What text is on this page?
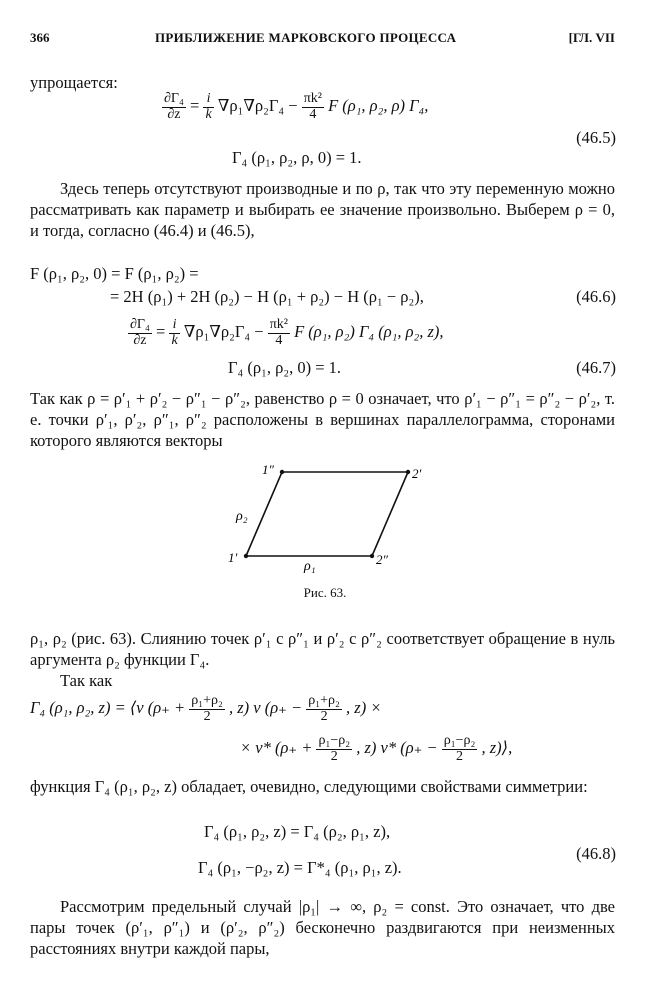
366	ПРИБЛИЖЕНИЕ МАРКОВСКОГО ПРОЦЕССА	[ГЛ. VII
упрощается:
$\frac{\text{∂Γ₄}}{\partial z} = \frac{i}{k} \nabla\rho_1\nabla\rho_2\Gamma_4 - \frac{\text{πk²}}{4}$ F (ρ₁, ρ₂, ρ) Γ₄,
(46.5)
Γ₄ (ρ₁, ρ₂, ρ, 0) = 1.
Здесь теперь отсутствуют производные и по ρ, так что эту переменную можно рассматривать как параметр и выбирать ее значение произвольно. Выберем ρ = 0, и тогда, согласно (46.4) и (46.5),
F (ρ₁, ρ₂, 0) = F (ρ₁, ρ₂) =
= 2H (ρ₁) + 2H (ρ₂) − H (ρ₁ + ρ₂) − H (ρ₁ − ρ₂),	(46.6)
$\frac{\text{∂Γ₄}}{\partial z} = \frac{i}{k} \nabla\rho_1\nabla\rho_2\Gamma_4 - \frac{\text{πk²}}{4}$ F (ρ₁, ρ₂) Γ₄ (ρ₁, ρ₂, z),
Γ₄ (ρ₁, ρ₂, 0) = 1.	(46.7)
Так как ρ = ρ′₁ + ρ′₂ − ρ″₁ − ρ″₂, равенство ρ = 0 означает, что ρ′₁ − ρ″₁ = ρ″₂ − ρ′₂, т. е. точки ρ′₁, ρ′₂, ρ″₁, ρ″₂ расположены в вершинах параллелограмма, сторонами которого являются векторы
1″	2′
1′	2″
ρ₂
ρ₁
Рис. 63.
ρ₁, ρ₂ (рис. 63). Слиянию точек ρ′₁ с ρ″₁ и ρ′₂ с ρ″₂ соответствует обращение в нуль аргумента ρ₂ функции Γ₄.
Так как
Γ₄ (ρ₁, ρ₂, z) = ⟨v ($\rho_+ + \frac{\text{ρ₁+ρ₂}}{2}$ , z) v ($\rho_+ - \frac{\text{ρ₁+ρ₂}}{2}$ , z) ×
× v* ($\rho_+ + \frac{\text{ρ₁−ρ₂}}{2}$ , z) v* ($\rho_+ - \frac{\text{ρ₁−ρ₂}}{2}$ , z)⟩,
функция Γ₄ (ρ₁, ρ₂, z) обладает, очевидно, следующими свойствами симметрии:
Γ₄ (ρ₁, ρ₂, z) = Γ₄ (ρ₂, ρ₁, z),
(46.8)
Γ₄ (ρ₁, −ρ₂, z) = Γ*₄ (ρ₁, ρ₁, z).
Рассмотрим предельный случай |ρ₁| → ∞, ρ₂ = const. Это означает, что две пары точек (ρ′₁, ρ″₁) и (ρ′₂, ρ″₂) бесконечно раздвигаются при неизменных расстояниях внутри каждой пары,
